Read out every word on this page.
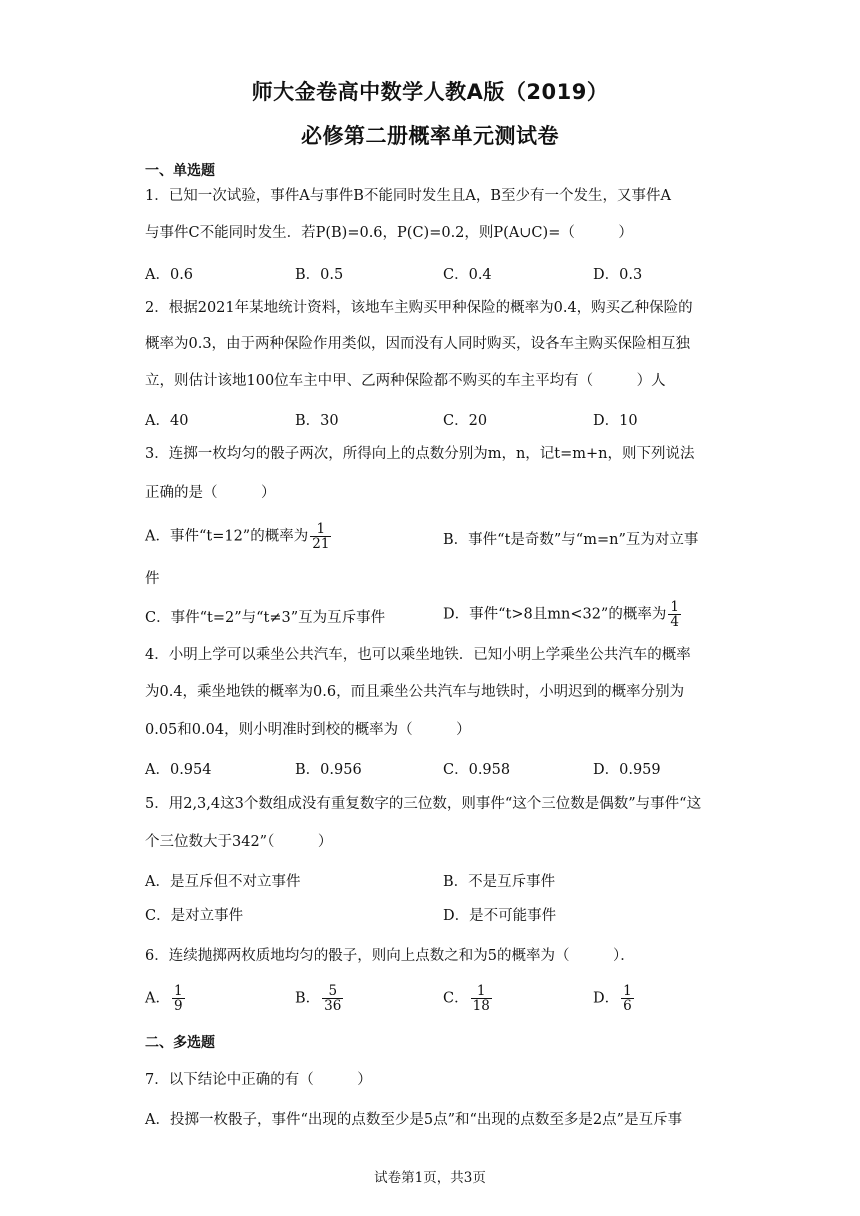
师大金卷高中数学人教A版（2019）
必修第二册概率单元测试卷
一、单选题
1．已知一次试验，事件A与事件B不能同时发生且A，B至少有一个发生，又事件A
与事件C不能同时发生．若P(B)=0.6，P(C)=0.2，则P(A∪C)=（　　　）
A．0.6	B．0.5	C．0.4	D．0.3
2．根据2021年某地统计资料，该地车主购买甲种保险的概率为0.4，购买乙种保险的
概率为0.3，由于两种保险作用类似，因而没有人同时购买，设各车主购买保险相互独
立，则估计该地100位车主中甲、乙两种保险都不购买的车主平均有（　　　）人
A．40	B．30	C．20	D．10
3．连掷一枚均匀的骰子两次，所得向上的点数分别为m，n，记t=m+n，则下列说法
正确的是（　　　）
A．事件“t=12”的概率为 $\frac{1}{21}$	B．事件“t是奇数”与“m=n”互为对立事
件
C．事件“t=2”与“t≠3”互为互斥事件	D．事件“t>8且mn<32”的概率为 $\frac{1}{4}$
4．小明上学可以乘坐公共汽车，也可以乘坐地铁．已知小明上学乘坐公共汽车的概率
为0.4，乘坐地铁的概率为0.6，而且乘坐公共汽车与地铁时，小明迟到的概率分别为
0.05和0.04，则小明准时到校的概率为（　　　）
A．0.954	B．0.956	C．0.958	D．0.959
5．用2,3,4这3个数组成没有重复数字的三位数，则事件“这个三位数是偶数”与事件“这
个三位数大于342”（　　　）
A．是互斥但不对立事件	B．不是互斥事件
C．是对立事件	D．是不可能事件
6．连续抛掷两枚质地均匀的骰子，则向上点数之和为5的概率为（　　　）．
A． $\frac{1}{9}$	B． $\frac{5}{36}$	C． $\frac{1}{18}$	D． $\frac{1}{6}$
二、多选题
7．以下结论中正确的有（　　　）
A．投掷一枚骰子，事件“出现的点数至少是5点”和“出现的点数至多是2点”是互斥事
试卷第1页，共3页
